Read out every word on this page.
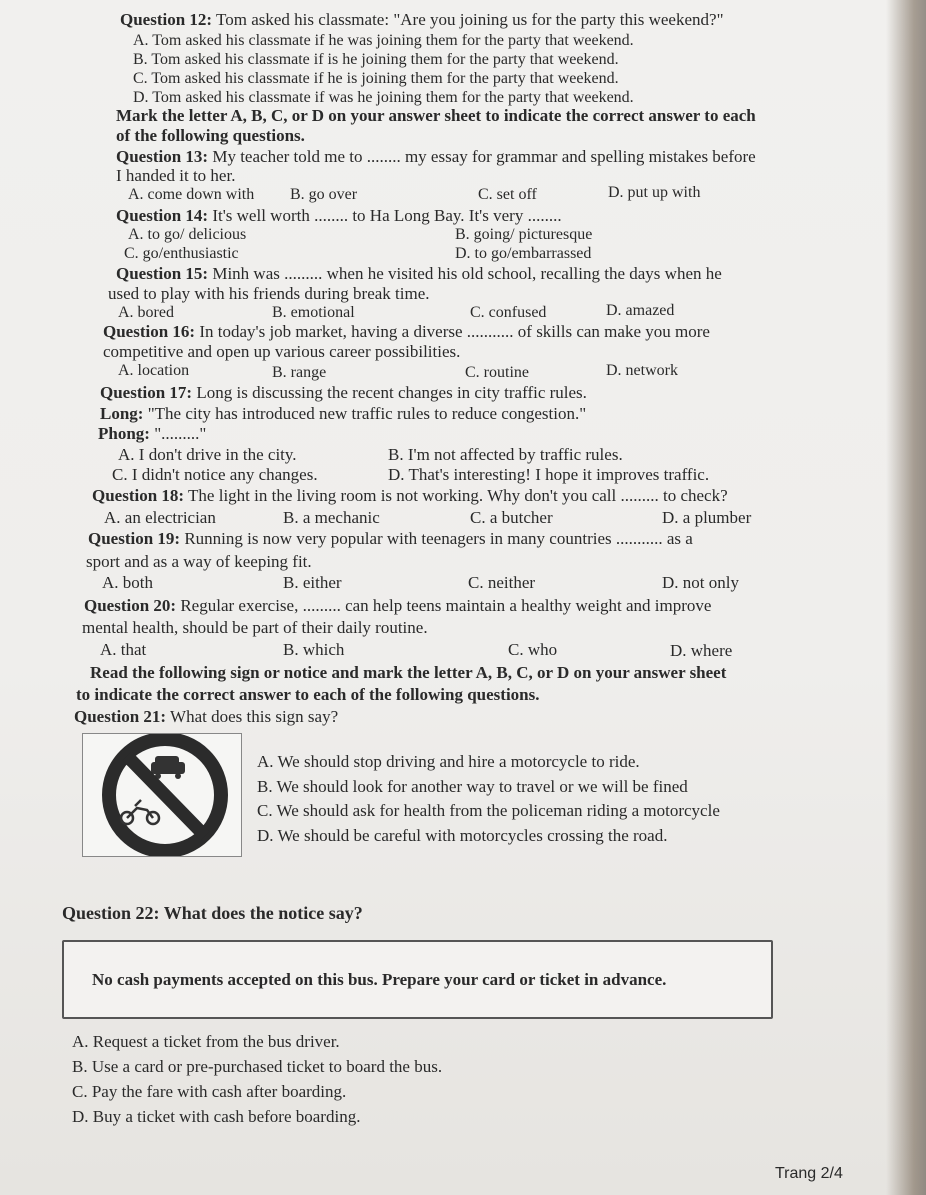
Question 12: Tom asked his classmate: "Are you joining us for the party this weekend?"
A. Tom asked his classmate if he was joining them for the party that weekend.
B. Tom asked his classmate if is he joining them for the party that weekend.
C. Tom asked his classmate if he is joining them for the party that weekend.
D. Tom asked his classmate if was he joining them for the party that weekend.
Mark the letter A, B, C, or D on your answer sheet to indicate the correct answer to each
of the following questions.
Question 13: My teacher told me to ........ my essay for grammar and spelling mistakes before
I handed it to her.
A. come down with B. go over	C. set off	D. put up with
Question 14: It's well worth ........ to Ha Long Bay. It's very ........
A. to go/ delicious	B. going/ picturesque
C. go/enthusiastic	D. to go/embarrassed
Question 15: Minh was ......... when he visited his old school, recalling the days when he
used to play with his friends during break time.
A. bored	B. emotional	C. confused	D. amazed
Question 16: In today's job market, having a diverse ........... of skills can make you more
competitive and open up various career possibilities.
A. location	B. range	C. routine	D. network
Question 17: Long is discussing the recent changes in city traffic rules.
Long: "The city has introduced new traffic rules to reduce congestion."
Phong: "........."
A. I don't drive in the city.	B. I'm not affected by traffic rules.
C. I didn't notice any changes.	D. That's interesting! I hope it improves traffic.
Question 18: The light in the living room is not working. Why don't you call ......... to check?
A. an electrician	B. a mechanic	C. a butcher	D. a plumber
Question 19: Running is now very popular with teenagers in many countries ........... as a
sport and as a way of keeping fit.
A. both	B. either	C. neither	D. not only
Question 20: Regular exercise, ......... can help teens maintain a healthy weight and improve
mental health, should be part of their daily routine.
A. that	B. which	C. who	D. where
Read the following sign or notice and mark the letter A, B, C, or D on your answer sheet
to indicate the correct answer to each of the following questions.
Question 21: What does this sign say?
A. We should stop driving and hire a motorcycle to ride.
B. We should look for another way to travel or we will be fined
C. We should ask for health from the policeman riding a motorcycle
D. We should be careful with motorcycles crossing the road.
Question 22: What does the notice say?
No cash payments accepted on this bus. Prepare your card or ticket in advance.
A. Request a ticket from the bus driver.
B. Use a card or pre-purchased ticket to board the bus.
C. Pay the fare with cash after boarding.
D. Buy a ticket with cash before boarding.
Trang 2/4
